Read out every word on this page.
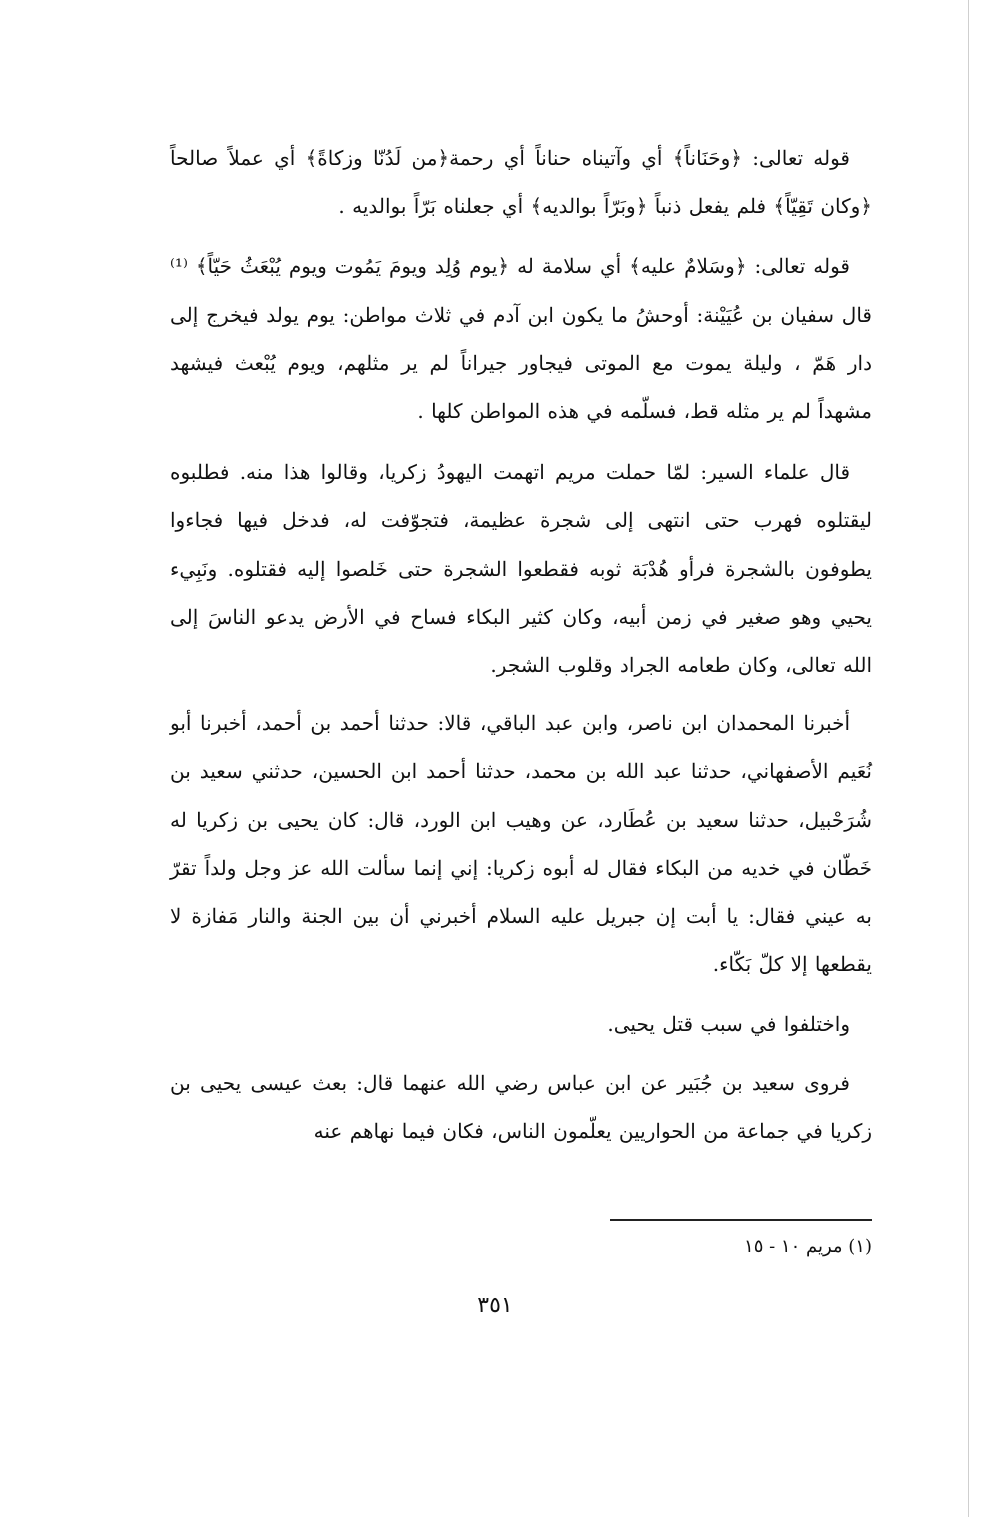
قوله تعالى: ﴿وحَنَاناً﴾ أي وآتيناه حناناً أي رحمة﴿من لَدُنّا وزكاةً﴾ أي عملاً صالحاً ﴿وكان تَقِيّاً﴾ فلم يفعل ذنباً ﴿وبَرّاً بوالديه﴾ أي جعلناه بَرّاً بوالديه .

قوله تعالى: ﴿وسَلامٌ عليه﴾ أي سلامة له ﴿يوم وُلِد ويومَ يَمُوت ويوم يُبْعَثُ حَيّاً﴾ ⁽¹⁾ قال سفيان بن عُيَيْنة: أوحشُ ما يكون ابن آدم في ثلاث مواطن: يوم يولد فيخرج إلى دار هَمّ ، وليلة يموت مع الموتى فيجاور جيراناً لم ير مثلهم، ويوم يُبْعث فيشهد مشهداً لم ير مثله قط، فسلّمه في هذه المواطن كلها .

قال علماء السير: لمّا حملت مريم اتهمت اليهودُ زكريا، وقالوا هذا منه. فطلبوه ليقتلوه فهرب حتى انتهى إلى شجرة عظيمة، فتجوّفت له، فدخل فيها فجاءوا يطوفون بالشجرة فرأو هُدْبَة ثوبه فقطعوا الشجرة حتى خَلصوا إليه فقتلوه. ونَبِيء يحيي وهو صغير في زمن أبيه، وكان كثير البكاء فساح في الأرض يدعو الناسَ إلى الله تعالى، وكان طعامه الجراد وقلوب الشجر.

أخبرنا المحمدان ابن ناصر، وابن عبد الباقي، قالا: حدثنا أحمد بن أحمد، أخبرنا أبو نُعَيم الأصفهاني، حدثنا عبد الله بن محمد، حدثنا أحمد ابن الحسين، حدثني سعيد بن شُرَحْبيل، حدثنا سعيد بن عُطَارد، عن وهيب ابن الورد، قال: كان يحيى بن زكريا له خَطّان في خديه من البكاء فقال له أبوه زكريا: إني إنما سألت الله عز وجل ولداً تقرّ به عيني فقال: يا أبت إن جبريل عليه السلام أخبرني أن بين الجنة والنار مَفازة لا يقطعها إلا كلّ بَكّاء.

واختلفوا في سبب قتل يحيى.

فروى سعيد بن جُبَير عن ابن عباس رضي الله عنهما قال: بعث عيسى يحيى بن زكريا في جماعة من الحواريين يعلّمون الناس، فكان فيما نهاهم عنه

(١) مريم ١٠ - ١٥
٣٥١
